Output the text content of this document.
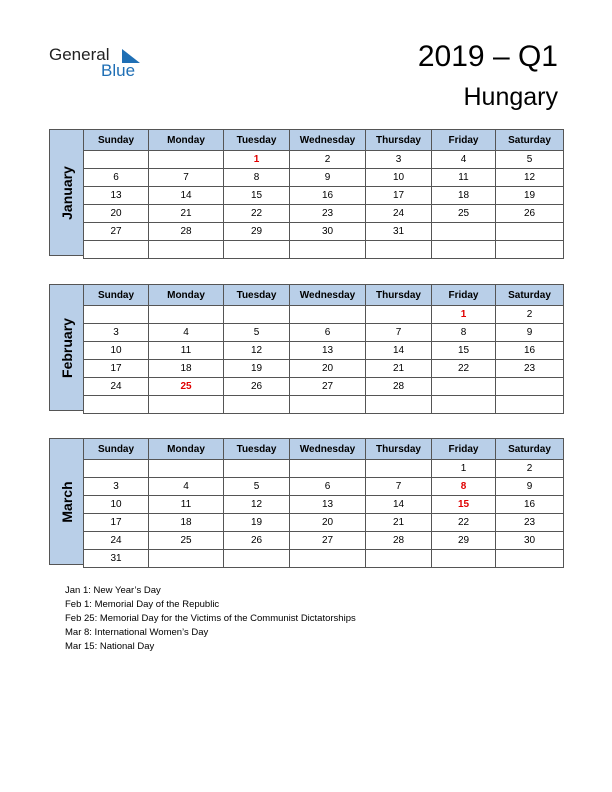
General
Blue	2019 – Q1
Hungary
January
Sunday	Monday	Tuesday	Wednesday	Thursday	Friday	Saturday
		1	2	3	4	5
6	7	8	9	10	11	12
13	14	15	16	17	18	19
20	21	22	23	24	25	26
27	28	29	30	31		

February
Sunday	Monday	Tuesday	Wednesday	Thursday	Friday	Saturday
					1	2
3	4	5	6	7	8	9
10	11	12	13	14	15	16
17	18	19	20	21	22	23
24	25	26	27	28		

March
Sunday	Monday	Tuesday	Wednesday	Thursday	Friday	Saturday
					1	2
3	4	5	6	7	8	9
10	11	12	13	14	15	16
17	18	19	20	21	22	23
24	25	26	27	28	29	30
31						
Jan 1: New Year’s Day
Feb 1: Memorial Day of the Republic
Feb 25: Memorial Day for the Victims of the Communist Dictatorships
Mar 8: International Women’s Day
Mar 15: National Day
